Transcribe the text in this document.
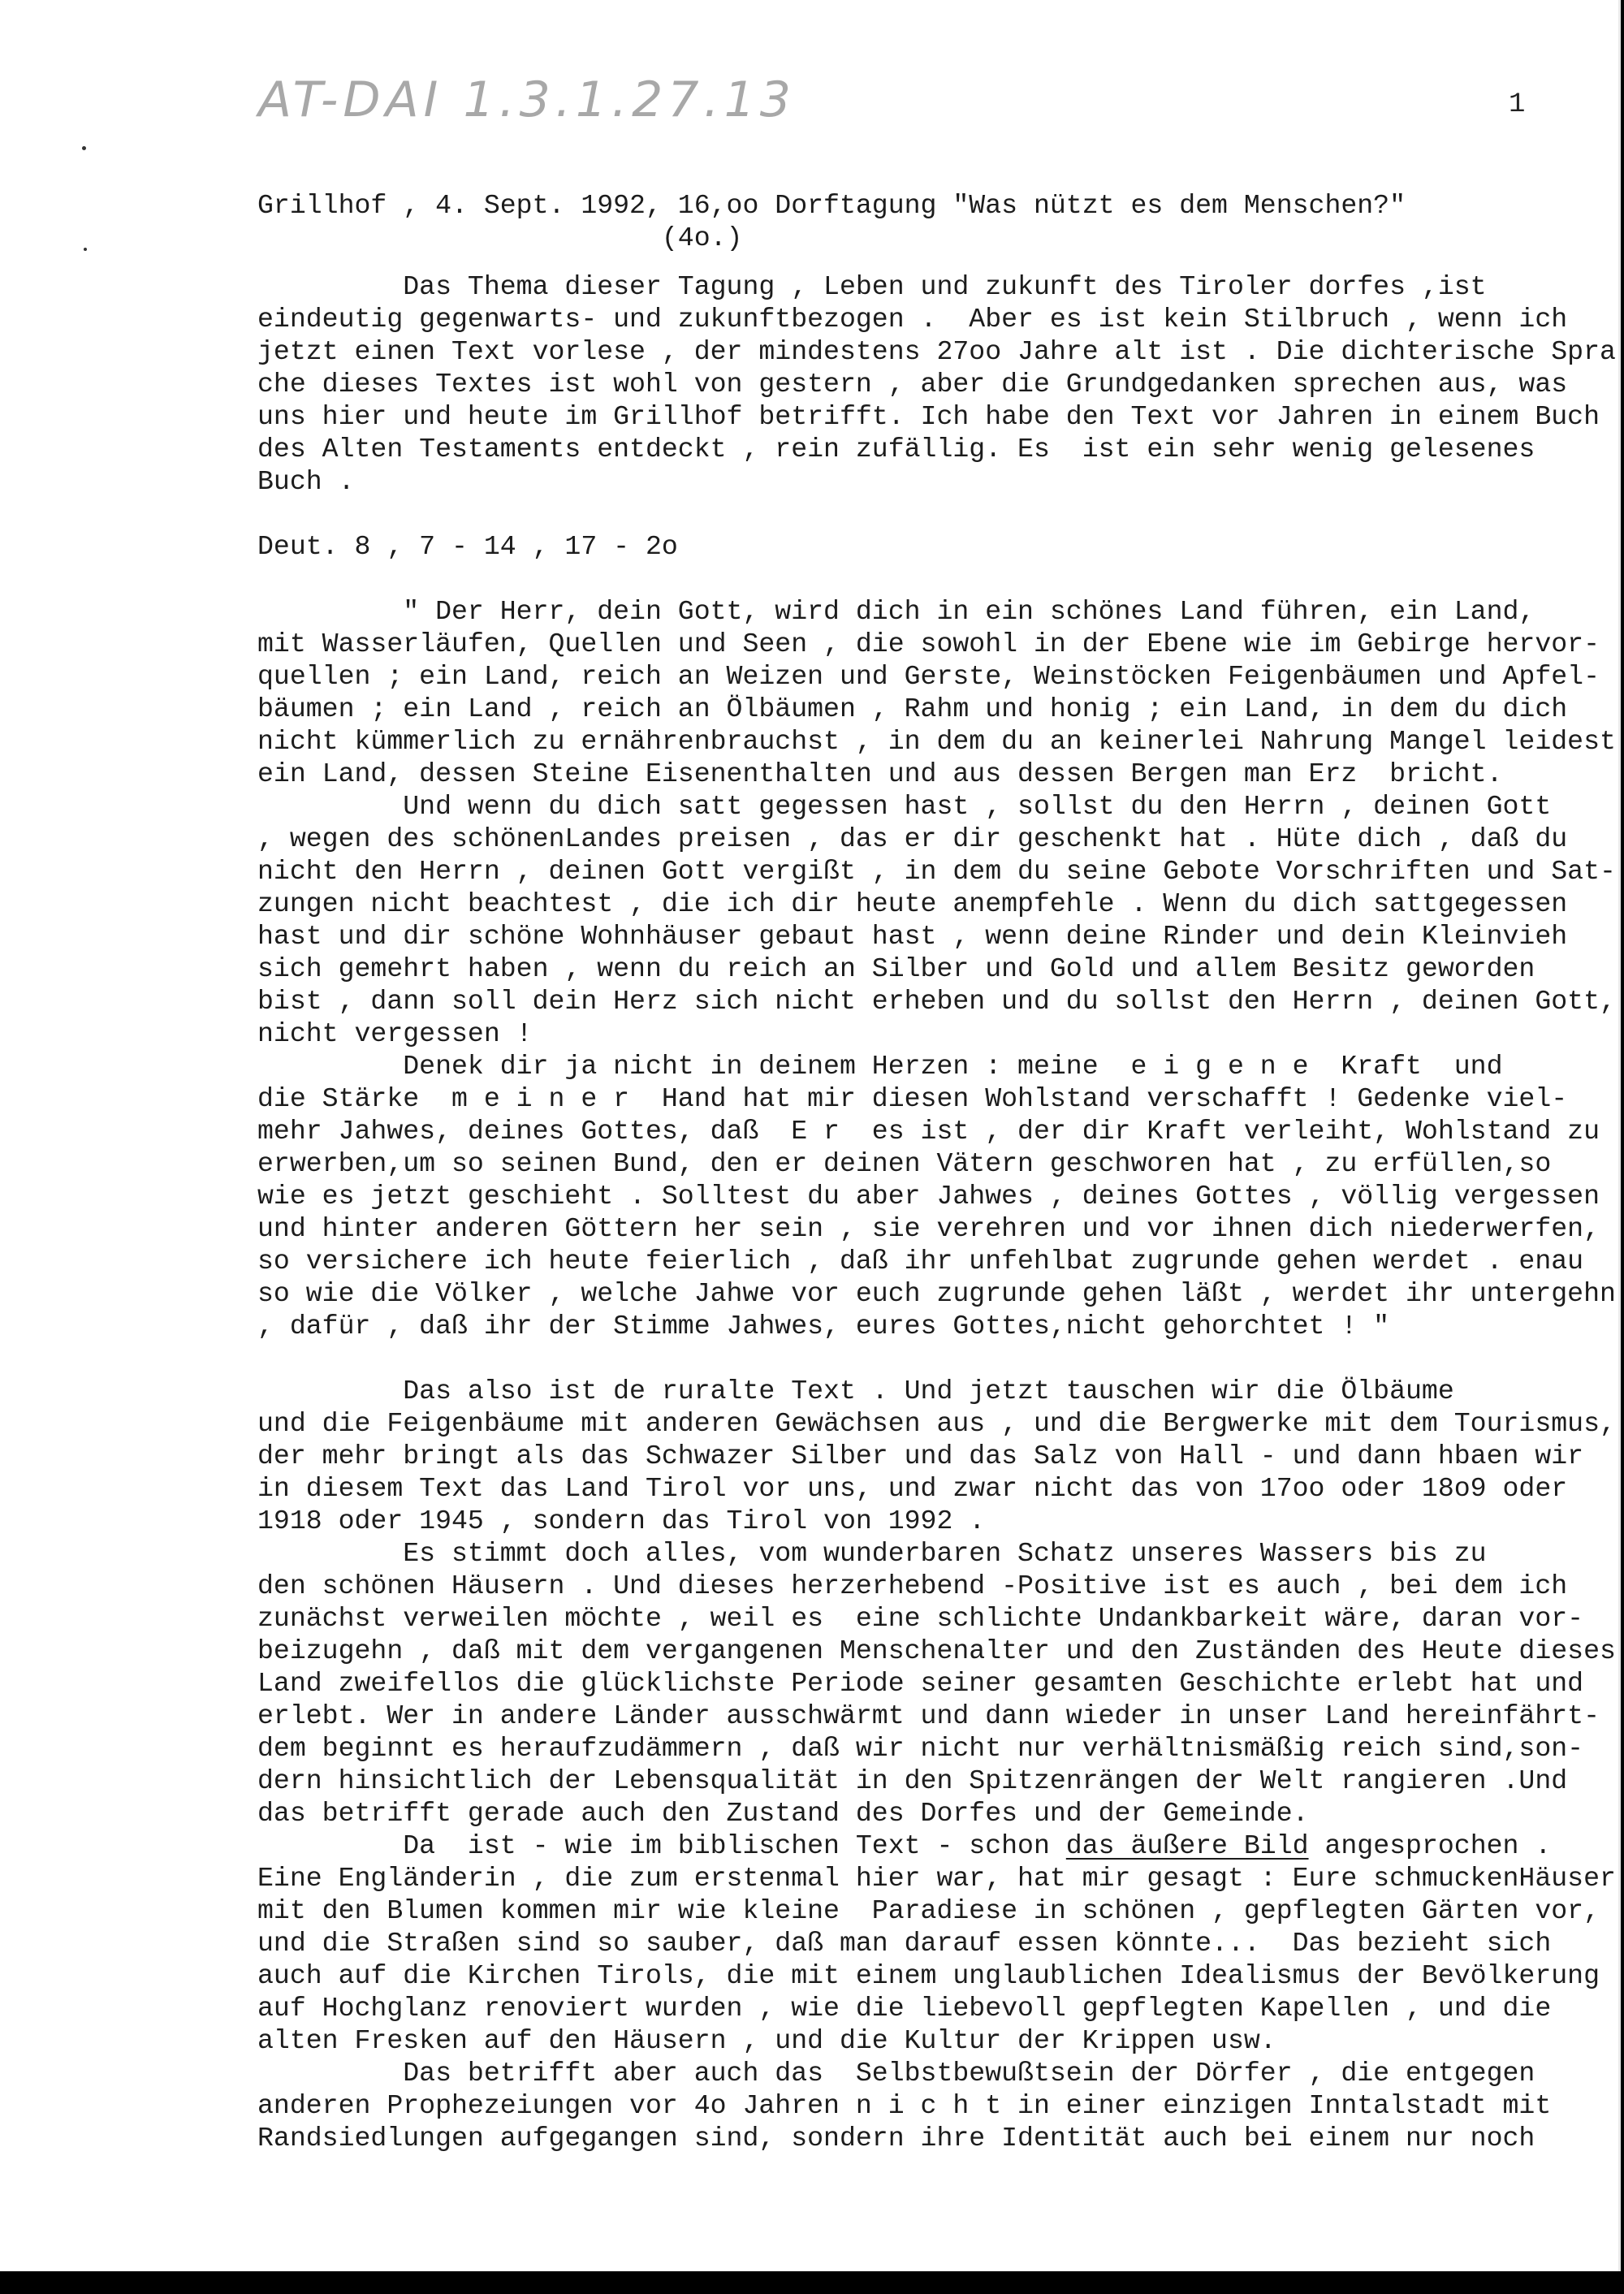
AT-DAI 1.3.1.27.13	1
Grillhof , 4. Sept. 1992, 16,oo Dorftagung "Was nützt es dem Menschen?"
(4o.)
Das Thema dieser Tagung , Leben und zukunft des Tiroler dorfes ,ist
eindeutig gegenwarts- und zukunftbezogen .  Aber es ist kein Stilbruch , wenn ich
jetzt einen Text vorlese , der mindestens 27oo Jahre alt ist . Die dichterische Spra
che dieses Textes ist wohl von gestern , aber die Grundgedanken sprechen aus, was
uns hier und heute im Grillhof betrifft. Ich habe den Text vor Jahren in einem Buch
des Alten Testaments entdeckt , rein zufällig. Es  ist ein sehr wenig gelesenes
Buch .
Deut. 8 , 7 - 14 , 17 - 2o
" Der Herr, dein Gott, wird dich in ein schönes Land führen, ein Land,
mit Wasserläufen, Quellen und Seen , die sowohl in der Ebene wie im Gebirge hervor-
quellen ; ein Land, reich an Weizen und Gerste, Weinstöcken Feigenbäumen und Apfel-
bäumen ; ein Land , reich an Ölbäumen , Rahm und honig ; ein Land, in dem du dich
nicht kümmerlich zu ernährenbrauchst , in dem du an keinerlei Nahrung Mangel leidest
ein Land, dessen Steine Eisenenthalten und aus dessen Bergen man Erz  bricht.
Und wenn du dich satt gegessen hast , sollst du den Herrn , deinen Gott
, wegen des schönenLandes preisen , das er dir geschenkt hat . Hüte dich , daß du
nicht den Herrn , deinen Gott vergißt , in dem du seine Gebote Vorschriften und Sat-
zungen nicht beachtest , die ich dir heute anempfehle . Wenn du dich sattgegessen
hast und dir schöne Wohnhäuser gebaut hast , wenn deine Rinder und dein Kleinvieh
sich gemehrt haben , wenn du reich an Silber und Gold und allem Besitz geworden
bist , dann soll dein Herz sich nicht erheben und du sollst den Herrn , deinen Gott,
nicht vergessen !
Denek dir ja nicht in deinem Herzen : meine  e i g e n e  Kraft  und
die Stärke  m e i n e r  Hand hat mir diesen Wohlstand verschafft ! Gedenke viel-
mehr Jahwes, deines Gottes, daß  E r  es ist , der dir Kraft verleiht, Wohlstand zu
erwerben,um so seinen Bund, den er deinen Vätern geschworen hat , zu erfüllen,so
wie es jetzt geschieht . Solltest du aber Jahwes , deines Gottes , völlig vergessen
und hinter anderen Göttern her sein , sie verehren und vor ihnen dich niederwerfen,
so versichere ich heute feierlich , daß ihr unfehlbat zugrunde gehen werdet . enau
so wie die Völker , welche Jahwe vor euch zugrunde gehen läßt , werdet ihr untergehn
, dafür , daß ihr der Stimme Jahwes, eures Gottes,nicht gehorchtet ! "
Das also ist de ruralte Text . Und jetzt tauschen wir die Ölbäume
und die Feigenbäume mit anderen Gewächsen aus , und die Bergwerke mit dem Tourismus,
der mehr bringt als das Schwazer Silber und das Salz von Hall - und dann hbaen wir
in diesem Text das Land Tirol vor uns, und zwar nicht das von 17oo oder 18o9 oder
1918 oder 1945 , sondern das Tirol von 1992 .
Es stimmt doch alles, vom wunderbaren Schatz unseres Wassers bis zu
den schönen Häusern . Und dieses herzerhebend -Positive ist es auch , bei dem ich
zunächst verweilen möchte , weil es  eine schlichte Undankbarkeit wäre, daran vor-
beizugehn , daß mit dem vergangenen Menschenalter und den Zuständen des Heute dieses
Land zweifellos die glücklichste Periode seiner gesamten Geschichte erlebt hat und
erlebt. Wer in andere Länder ausschwärmt und dann wieder in unser Land hereinfährt-
dem beginnt es heraufzudämmern , daß wir nicht nur verhältnismäßig reich sind,son-
dern hinsichtlich der Lebensqualität in den Spitzenrängen der Welt rangieren .Und
das betrifft gerade auch den Zustand des Dorfes und der Gemeinde.
Da  ist - wie im biblischen Text - schon das äußere Bild angesprochen .
Eine Engländerin , die zum erstenmal hier war, hat mir gesagt : Eure schmuckenHäuser
mit den Blumen kommen mir wie kleine  Paradiese in schönen , gepflegten Gärten vor,
und die Straßen sind so sauber, daß man darauf essen könnte...  Das bezieht sich
auch auf die Kirchen Tirols, die mit einem unglaublichen Idealismus der Bevölkerung
auf Hochglanz renoviert wurden , wie die liebevoll gepflegten Kapellen , und die
alten Fresken auf den Häusern , und die Kultur der Krippen usw.
Das betrifft aber auch das  Selbstbewußtsein der Dörfer , die entgegen
anderen Prophezeiungen vor 4o Jahren n i c h t in einer einzigen Inntalstadt mit
Randsiedlungen aufgegangen sind, sondern ihre Identität auch bei einem nur noch
